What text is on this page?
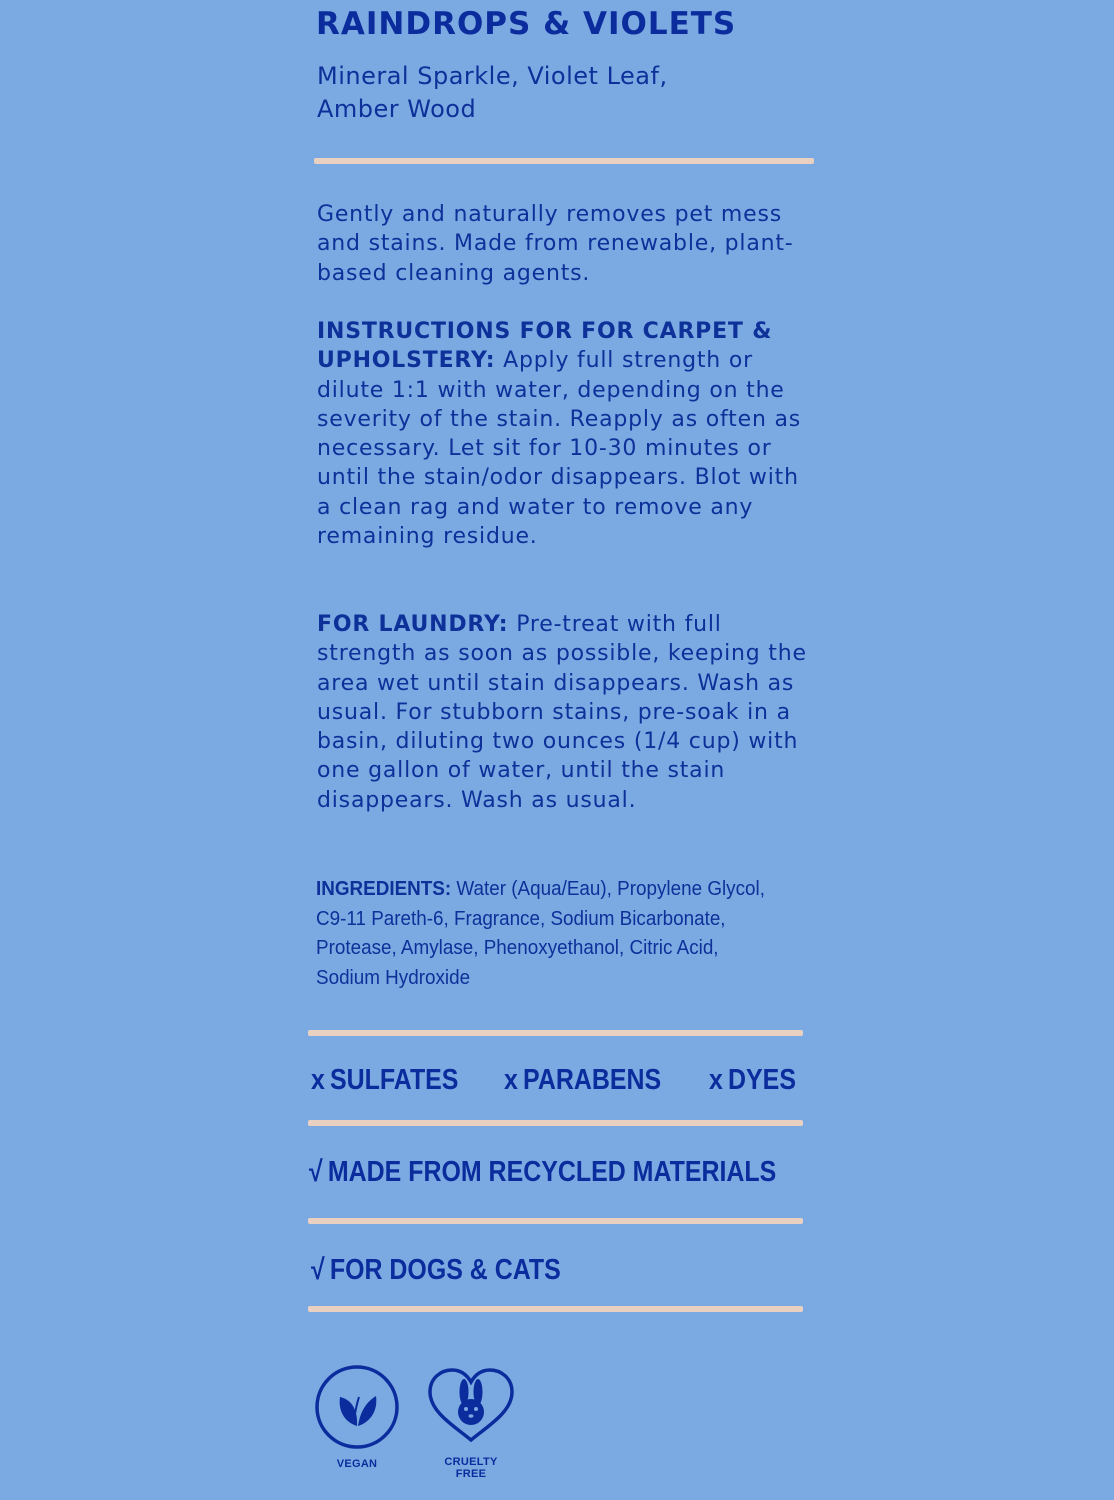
RAINDROPS & VIOLETS
Mineral Sparkle, Violet Leaf,
Amber Wood
Gently and naturally removes pet mess and stains. Made from renewable, plant-based cleaning agents.
INSTRUCTIONS FOR FOR CARPET & UPHOLSTERY: Apply full strength or dilute 1:1 with water, depending on the severity of the stain. Reapply as often as necessary. Let sit for 10-30 minutes or until the stain/odor disappears. Blot with a clean rag and water to remove any remaining residue.
FOR LAUNDRY: Pre-treat with full strength as soon as possible, keeping the area wet until stain disappears. Wash as usual. For stubborn stains, pre-soak in a basin, diluting two ounces (1/4 cup) with one gallon of water, until the stain disappears. Wash as usual.
INGREDIENTS: Water (Aqua/Eau), Propylene Glycol, C9-11 Pareth-6, Fragrance, Sodium Bicarbonate, Protease, Amylase, Phenoxyethanol, Citric Acid, Sodium Hydroxide
x SULFATES x PARABENS x DYES
√ MADE FROM RECYCLED MATERIALS
√ FOR DOGS & CATS
VEGAN	CRUELTY
FREE
